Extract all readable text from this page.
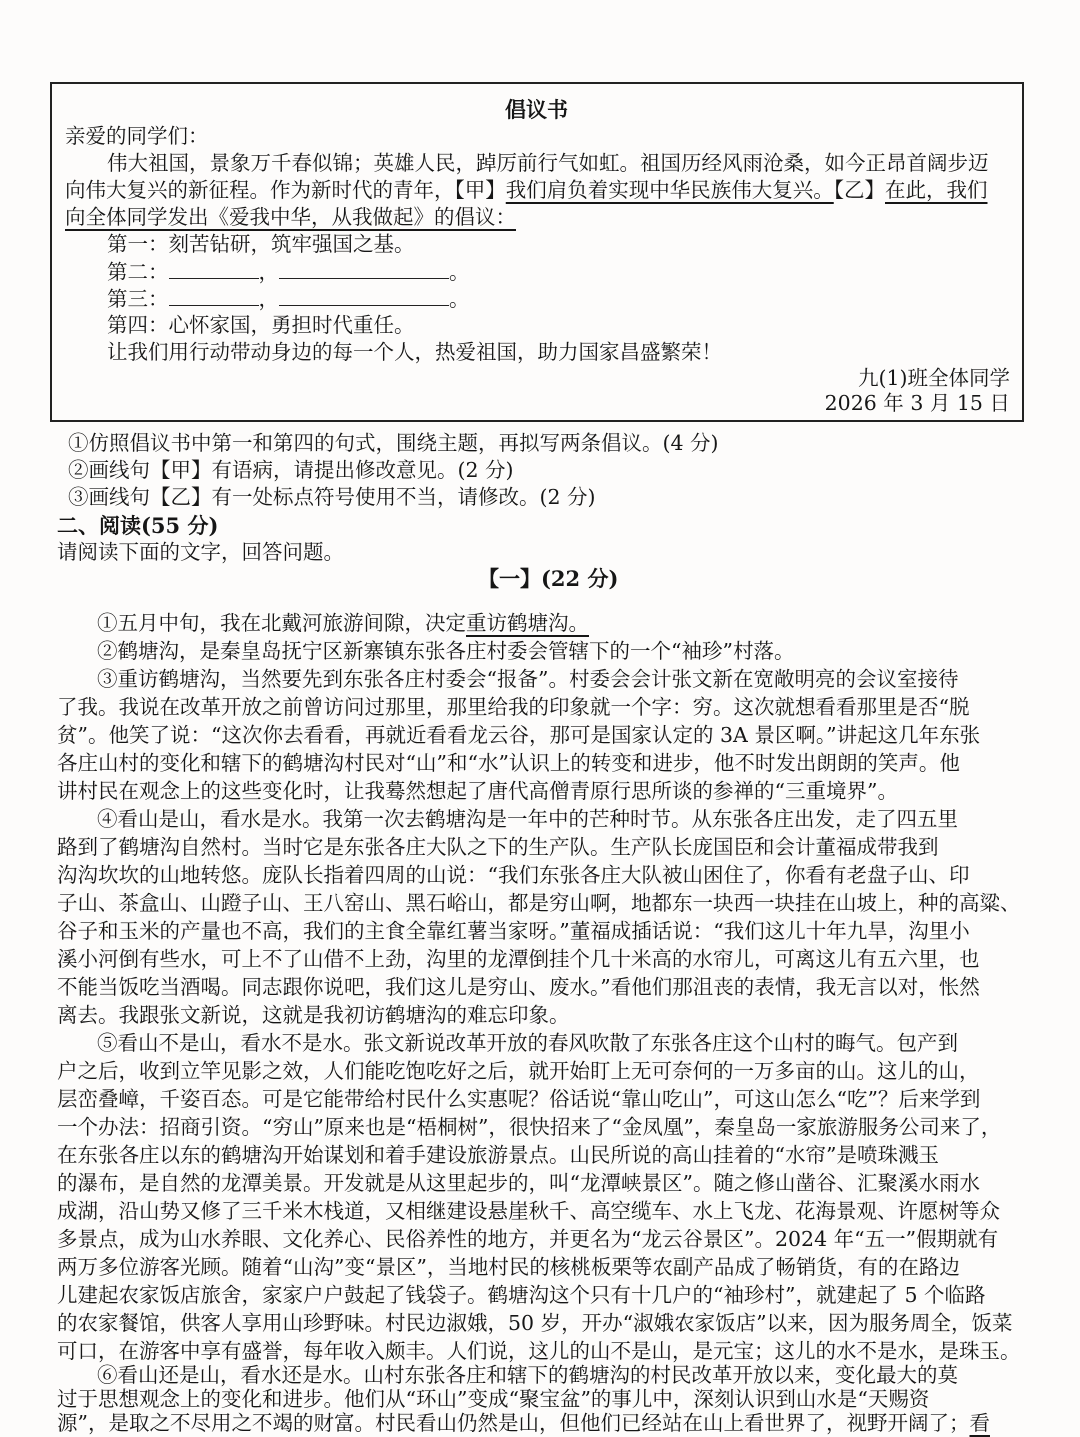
倡议书
亲爱的同学们：
伟大祖国，景象万千春似锦；英雄人民，踔厉前行气如虹。祖国历经风雨沧桑，如今正昂首阔步迈
向伟大复兴的新征程。作为新时代的青年，【甲】我们肩负着实现中华民族伟大复兴。【乙】在此，我们
向全体同学发出《爱我中华，从我做起》的倡议：
第一：刻苦钻研，筑牢强国之基。
第二：	，	。
第三：	，	。
第四：心怀家国，勇担时代重任。
让我们用行动带动身边的每一个人，热爱祖国，助力国家昌盛繁荣！
九(1)班全体同学
2026 年 3 月 15 日
①仿照倡议书中第一和第四的句式，围绕主题，再拟写两条倡议。(4 分)
②画线句【甲】有语病，请提出修改意见。(2 分)
③画线句【乙】有一处标点符号使用不当，请修改。(2 分)
二、阅读(55 分)
请阅读下面的文字，回答问题。
【一】(22 分)
①五月中旬，我在北戴河旅游间隙，决定重访鹤塘沟。
②鹤塘沟，是秦皇岛抚宁区新寨镇东张各庄村委会管辖下的一个“袖珍”村落。
③重访鹤塘沟，当然要先到东张各庄村委会“报备”。村委会会计张文新在宽敞明亮的会议室接待
了我。我说在改革开放之前曾访问过那里，那里给我的印象就一个字：穷。这次就想看看那里是否“脱
贫”。他笑了说：“这次你去看看，再就近看看龙云谷，那可是国家认定的 3A 景区啊。”讲起这几年东张
各庄山村的变化和辖下的鹤塘沟村民对“山”和“水”认识上的转变和进步，他不时发出朗朗的笑声。他
讲村民在观念上的这些变化时，让我蓦然想起了唐代高僧青原行思所谈的参禅的“三重境界”。
④看山是山，看水是水。我第一次去鹤塘沟是一年中的芒种时节。从东张各庄出发，走了四五里
路到了鹤塘沟自然村。当时它是东张各庄大队之下的生产队。生产队长庞国臣和会计董福成带我到
沟沟坎坎的山地转悠。庞队长指着四周的山说：“我们东张各庄大队被山困住了，你看有老盘子山、印
子山、茶盒山、山蹬子山、王八窑山、黑石峪山，都是穷山啊，地都东一块西一块挂在山坡上，种的高粱、
谷子和玉米的产量也不高，我们的主食全靠红薯当家呀。”董福成插话说：“我们这儿十年九旱，沟里小
溪小河倒有些水，可上不了山借不上劲，沟里的龙潭倒挂个几十米高的水帘儿，可离这儿有五六里，也
不能当饭吃当酒喝。同志跟你说吧，我们这儿是穷山、废水。”看他们那沮丧的表情，我无言以对，怅然
离去。我跟张文新说，这就是我初访鹤塘沟的难忘印象。
⑤看山不是山，看水不是水。张文新说改革开放的春风吹散了东张各庄这个山村的晦气。包产到
户之后，收到立竿见影之效，人们能吃饱吃好之后，就开始盯上无可奈何的一万多亩的山。这儿的山，
层峦叠嶂，千姿百态。可是它能带给村民什么实惠呢？俗话说“靠山吃山”，可这山怎么“吃”？后来学到
一个办法：招商引资。“穷山”原来也是“梧桐树”，很快招来了“金凤凰”，秦皇岛一家旅游服务公司来了，
在东张各庄以东的鹤塘沟开始谋划和着手建设旅游景点。山民所说的高山挂着的“水帘”是喷珠溅玉
的瀑布，是自然的龙潭美景。开发就是从这里起步的，叫“龙潭峡景区”。随之修山凿谷、汇聚溪水雨水
成湖，沿山势又修了三千米木栈道，又相继建设悬崖秋千、高空缆车、水上飞龙、花海景观、许愿树等众
多景点，成为山水养眼、文化养心、民俗养性的地方，并更名为“龙云谷景区”。2024 年“五一”假期就有
两万多位游客光顾。随着“山沟”变“景区”，当地村民的核桃板栗等农副产品成了畅销货，有的在路边
儿建起农家饭店旅舍，家家户户鼓起了钱袋子。鹤塘沟这个只有十几户的“袖珍村”，就建起了 5 个临路
的农家餐馆，供客人享用山珍野味。村民边淑娥，50 岁，开办“淑娥农家饭店”以来，因为服务周全，饭菜
可口，在游客中享有盛誉，每年收入颇丰。人们说，这儿的山不是山，是元宝；这儿的水不是水，是珠玉。
⑥看山还是山，看水还是水。山村东张各庄和辖下的鹤塘沟的村民改革开放以来，变化最大的莫
过于思想观念上的变化和进步。他们从“环山”变成“聚宝盆”的事儿中，深刻认识到山水是“天赐资
源”，是取之不尽用之不竭的财富。村民看山仍然是山，但他们已经站在山上看世界了，视野开阔了；看
